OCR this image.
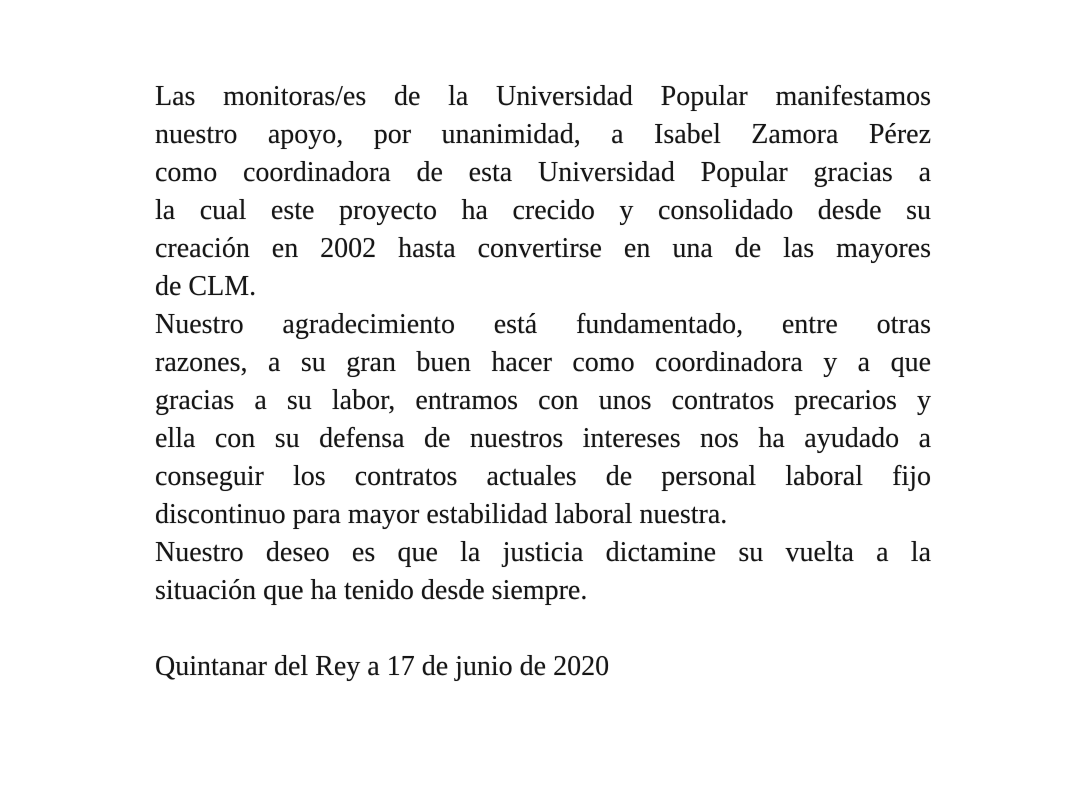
Las monitoras/es de la Universidad Popular manifestamos
nuestro apoyo, por unanimidad, a Isabel Zamora Pérez
como coordinadora de esta Universidad Popular gracias a
la cual este proyecto ha crecido y consolidado desde su
creación en 2002 hasta convertirse en una de las mayores
de CLM.

Nuestro agradecimiento está fundamentado, entre otras
razones, a su gran buen hacer como coordinadora y a que
gracias a su labor, entramos con unos contratos precarios y
ella con su defensa de nuestros intereses nos ha ayudado a
conseguir los contratos actuales de personal laboral fijo
discontinuo para mayor estabilidad laboral nuestra.

Nuestro deseo es que la justicia dictamine su vuelta a la
situación que ha tenido desde siempre.

Quintanar del Rey a 17 de junio de 2020
